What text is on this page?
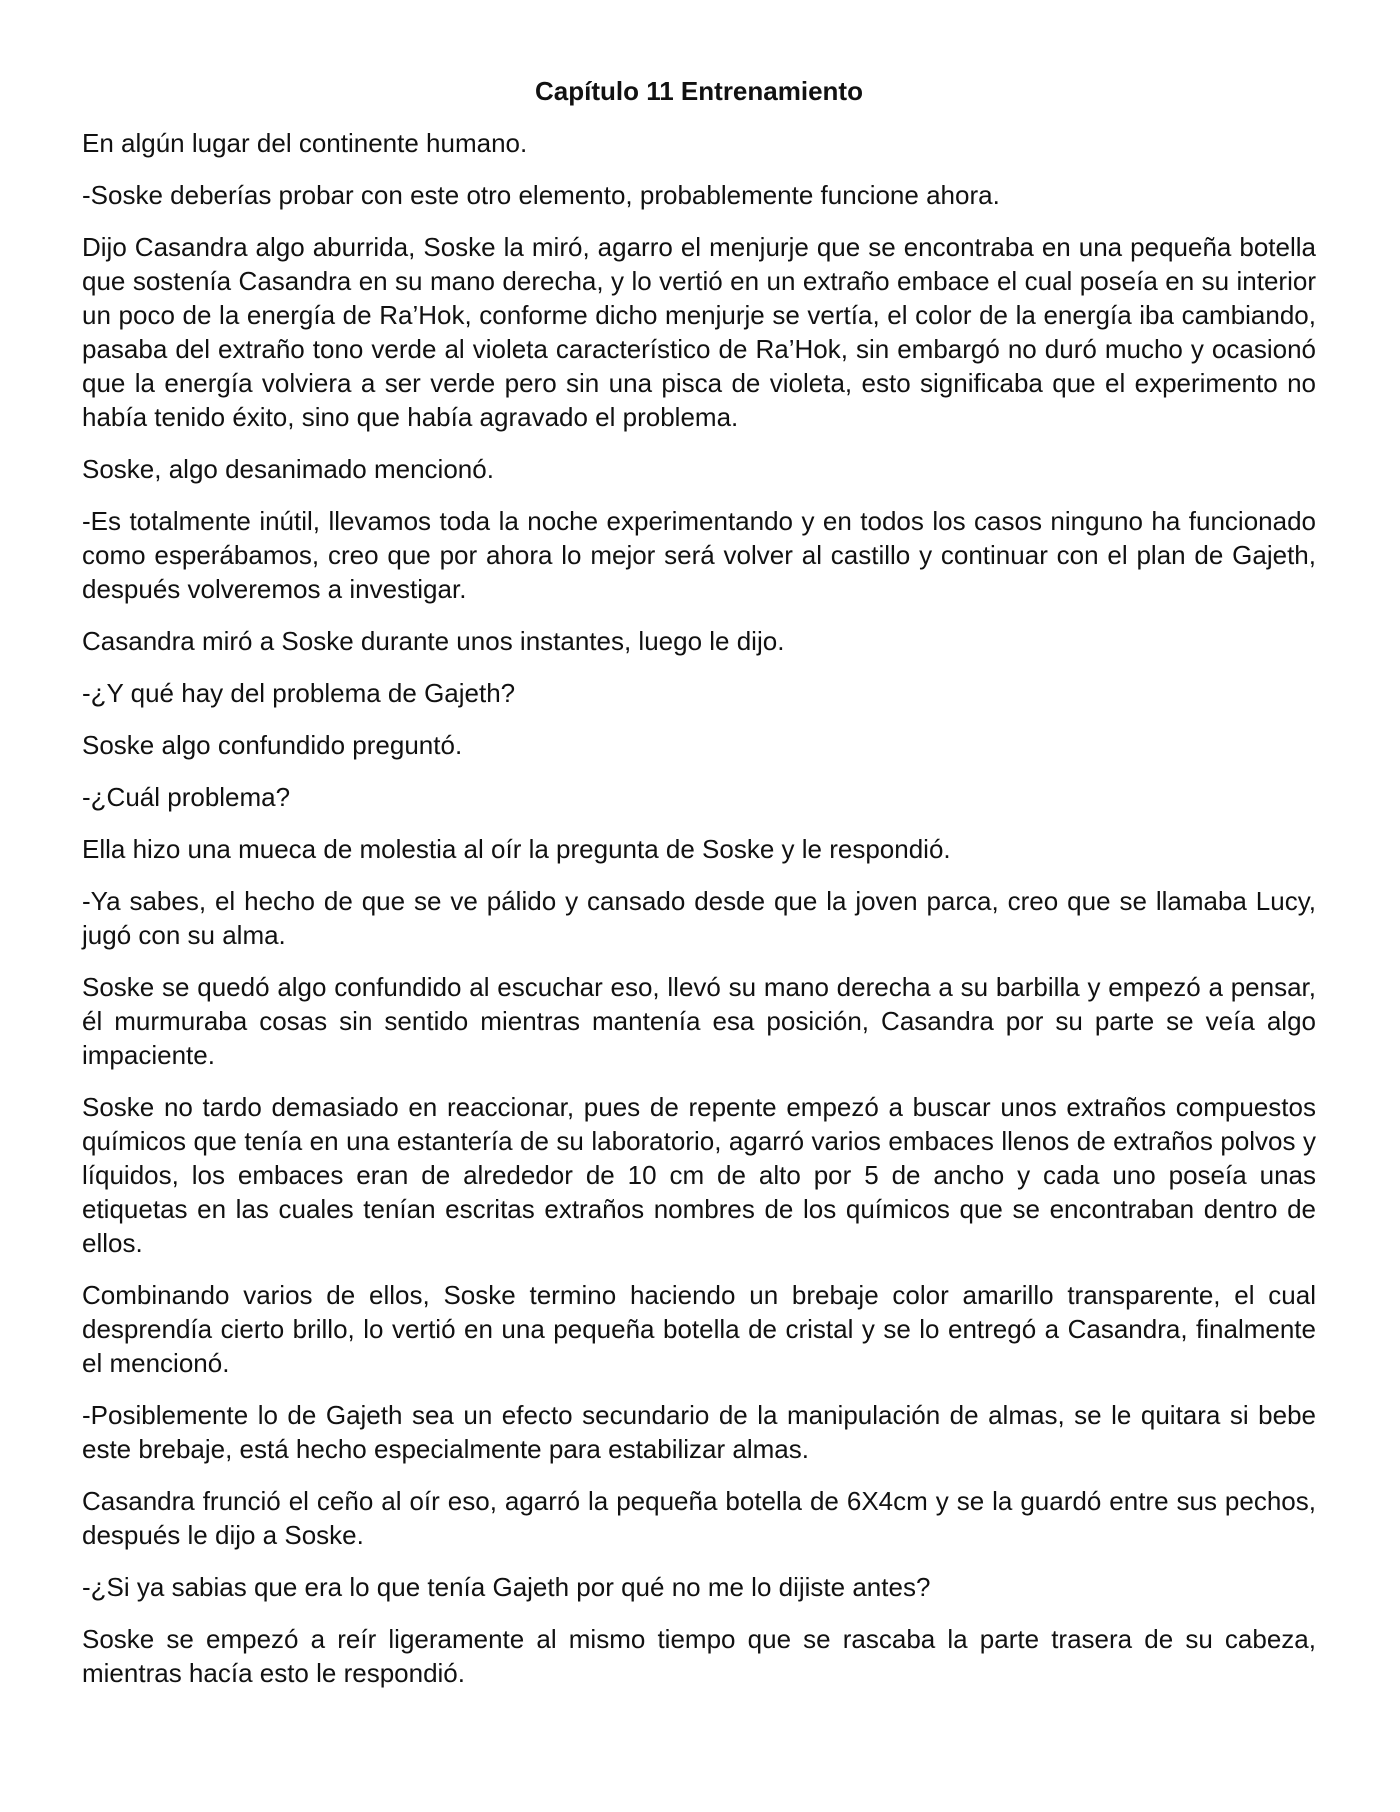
Capítulo 11 Entrenamiento

En algún lugar del continente humano.

-Soske deberías probar con este otro elemento, probablemente funcione ahora.

Dijo Casandra algo aburrida, Soske la miró, agarro el menjurje que se encontraba en una pequeña botella que sostenía Casandra en su mano derecha, y lo vertió en un extraño embace el cual poseía en su interior un poco de la energía de Ra’Hok, conforme dicho menjurje se vertía, el color de la energía iba cambiando, pasaba del extraño tono verde al violeta característico de Ra’Hok, sin embargó no duró mucho y ocasionó que la energía volviera a ser verde pero sin una pisca de violeta, esto significaba que el experimento no había tenido éxito, sino que había agravado el problema.

Soske, algo desanimado mencionó.

-Es totalmente inútil, llevamos toda la noche experimentando y en todos los casos ninguno ha funcionado como esperábamos, creo que por ahora lo mejor será volver al castillo y continuar con el plan de Gajeth, después volveremos a investigar.

Casandra miró a Soske durante unos instantes, luego le dijo.

-¿Y qué hay del problema de Gajeth?

Soske algo confundido preguntó.

-¿Cuál problema?

Ella hizo una mueca de molestia al oír la pregunta de Soske y le respondió.

-Ya sabes, el hecho de que se ve pálido y cansado desde que la joven parca, creo que se llamaba Lucy, jugó con su alma.

Soske se quedó algo confundido al escuchar eso, llevó su mano derecha a su barbilla y empezó a pensar, él murmuraba cosas sin sentido mientras mantenía esa posición, Casandra por su parte se veía algo impaciente.

Soske no tardo demasiado en reaccionar, pues de repente empezó a buscar unos extraños compuestos químicos que tenía en una estantería de su laboratorio, agarró varios embaces llenos de extraños polvos y líquidos, los embaces eran de alrededor de 10 cm de alto por 5 de ancho y cada uno poseía unas etiquetas en las cuales tenían escritas extraños nombres de los químicos que se encontraban dentro de ellos.

Combinando varios de ellos, Soske termino haciendo un brebaje color amarillo transparente, el cual desprendía cierto brillo, lo vertió en una pequeña botella de cristal y se lo entregó a Casandra, finalmente el mencionó.

-Posiblemente lo de Gajeth sea un efecto secundario de la manipulación de almas, se le quitara si bebe este brebaje, está hecho especialmente para estabilizar almas.

Casandra frunció el ceño al oír eso, agarró la pequeña botella de 6X4cm y se la guardó entre sus pechos, después le dijo a Soske.

-¿Si ya sabias que era lo que tenía Gajeth por qué no me lo dijiste antes?

Soske se empezó a reír ligeramente al mismo tiempo que se rascaba la parte trasera de su cabeza, mientras hacía esto le respondió.
